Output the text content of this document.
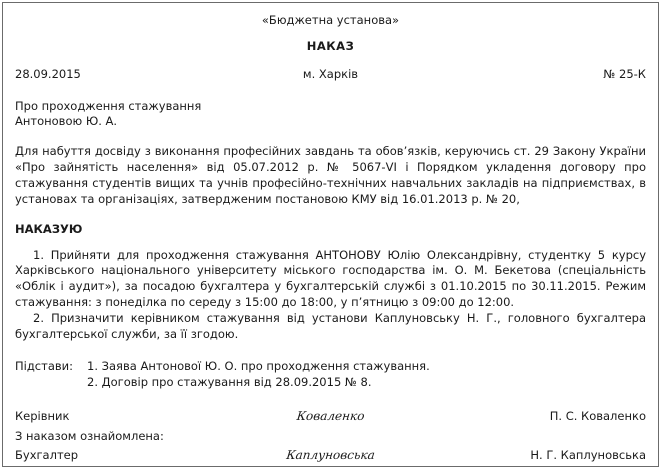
«Бюджетна установа»
НАКАЗ
28.09.2015	м. Харків	№ 25-К
Про проходження стажування
Антоновою Ю. А.
Для набуття досвіду з виконання професійних завдань та обов’язків, керуючись ст. 29 Закону України «Про зайнятість населення» від 05.07.2012 р. № 5067-VI і Порядком укладення договору про стажування студентів вищих та учнів професійно-технічних навчальних закладів на підприємствах, в установах та організаціях, затвердженим постановою КМУ від 16.01.2013 р. № 20,
НАКАЗУЮ
1. Прийняти для проходження стажування АНТОНОВУ Юлію Олександрівну, студентку 5 курсу Харківського національного університету міського господарства ім. О. М. Бекетова (спеціальність «Облік і аудит»), за посадою бухгалтера у бухгалтерській службі з 01.10.2015 по 30.11.2015. Режим стажування: з понеділка по середу з 15:00 до 18:00, у п’ятницю з 09:00 до 12:00.
2. Призначити керівником стажування від установи Каплуновську Н. Г., головного бухгалтера бухгалтерської служби, за її згодою.
Підстави:	1. Заява Антонової Ю. О. про проходження стажування.
2. Договір про стажування від 28.09.2015 № 8.
Керівник	Коваленко	П. С. Коваленко
З наказом ознайомлена:
Бухгалтер	Каплуновська	Н. Г. Каплуновська
